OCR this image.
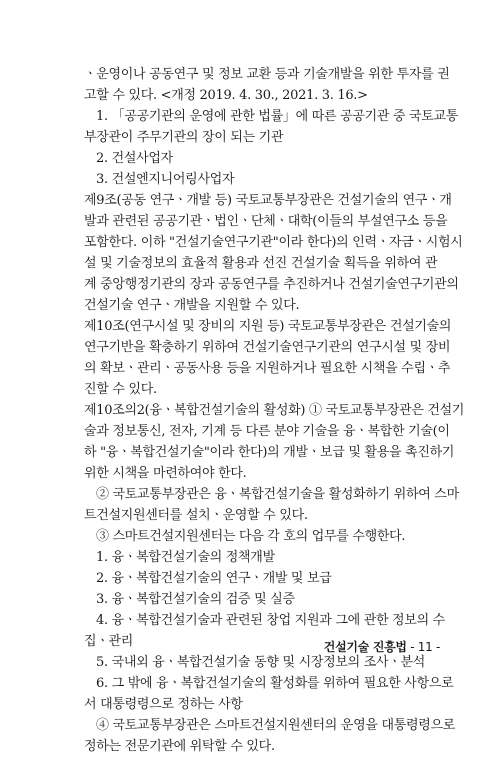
ㆍ운영이나 공동연구 및 정보 교환 등과 기술개발을 위한 투자를 권
고할 수 있다. <개정 2019. 4. 30., 2021. 3. 16.>
1. 「공공기관의 운영에 관한 법률」에 따른 공공기관 중 국토교통
부장관이 주무기관의 장이 되는 기관
2. 건설사업자
3. 건설엔지니어링사업자
제9조(공동 연구ㆍ개발 등) 국토교통부장관은 건설기술의 연구ㆍ개
발과 관련된 공공기관ㆍ법인ㆍ단체ㆍ대학(이들의 부설연구소 등을
포함한다. 이하 "건설기술연구기관"이라 한다)의 인력ㆍ자금ㆍ시험시
설 및 기술정보의 효율적 활용과 선진 건설기술 획득을 위하여 관
계 중앙행정기관의 장과 공동연구를 추진하거나 건설기술연구기관의
건설기술 연구ㆍ개발을 지원할 수 있다.
제10조(연구시설 및 장비의 지원 등) 국토교통부장관은 건설기술의
연구기반을 확충하기 위하여 건설기술연구기관의 연구시설 및 장비
의 확보ㆍ관리ㆍ공동사용 등을 지원하거나 필요한 시책을 수립ㆍ추
진할 수 있다.
제10조의2(융ㆍ복합건설기술의 활성화) ① 국토교통부장관은 건설기
술과 정보통신, 전자, 기계 등 다른 분야 기술을 융ㆍ복합한 기술(이
하 "융ㆍ복합건설기술"이라 한다)의 개발ㆍ보급 및 활용을 촉진하기
위한 시책을 마련하여야 한다.
② 국토교통부장관은 융ㆍ복합건설기술을 활성화하기 위하여 스마
트건설지원센터를 설치ㆍ운영할 수 있다.
③ 스마트건설지원센터는 다음 각 호의 업무를 수행한다.
1. 융ㆍ복합건설기술의 정책개발
2. 융ㆍ복합건설기술의 연구ㆍ개발 및 보급
3. 융ㆍ복합건설기술의 검증 및 실증
4. 융ㆍ복합건설기술과 관련된 창업 지원과 그에 관한 정보의 수
집ㆍ관리
5. 국내외 융ㆍ복합건설기술 동향 및 시장정보의 조사ㆍ분석
6. 그 밖에 융ㆍ복합건설기술의 활성화를 위하여 필요한 사항으로
서 대통령령으로 정하는 사항
④ 국토교통부장관은 스마트건설지원센터의 운영을 대통령령으로
정하는 전문기관에 위탁할 수 있다.
건설기술 진흥법 - 11 -
